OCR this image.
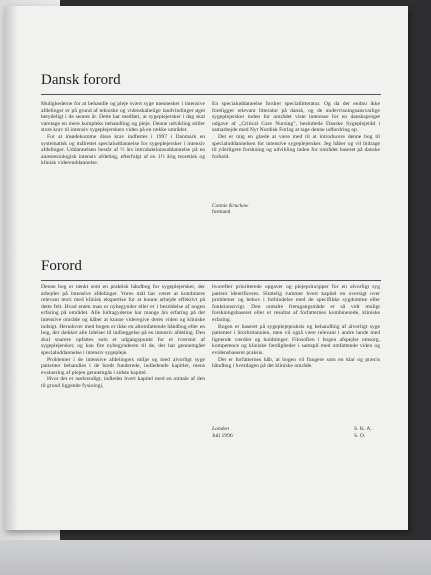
Dansk forord

Mulighederne for at behandle og pleje svært syge mennesker i intensive afdelinger er på grund af tekniske og videnskabelige landvindinger øget betydeligt i de senere år. Dette har medført, at sygeplejersker i dag skal varetage en mere kompleks behandling og pleje. Denne udvikling stiller store krav til intensiv sygeplejerskers viden på en række områder.

For at imødekomme disse krav indførtes i 1997 i Danmark en systematisk og målrettet specialuddannelse for sygeplejersker i intensiv afdelinger. Uddannelsen består af ½ års introduktionsuddannelse på en anæstesiologisk intensiv afdeling, efterfulgt af en 1½ årig teoretisk og klinisk videreuddannelse.

En specialuddannelse fordrer speciallitteratur. Og da der endnu ikke foreligger relevant litteratur på dansk, og de undervisningsansvarlige sygeplejersker inden for området viste interesse for en dansksproget udgave af „Critical Care Nursing", besluttede Danske Sygeplejeråd i samarbejde med Nyt Nordisk Forlag at tage denne udfordring op.

Det er mig en glæde at være med til at introducere denne bog til specialuddannelsen for intensive sygeplejersker. Jeg håber og vil bidrage til yderligere forskning og udvikling inden for området baseret på danske forhold.

Connie Kruckow
formand
Forord

Denne bog er tænkt som en praktisk håndbog for sygeplejersker, der arbejder på intensive afdelinger. Vores mål har været at kombinere relevant teori med klinisk ekspertise for at kunne arbejde effektivt på dette felt. Hvad enten man er nybegynder eller er i besiddelse af nogen erfaring på området. Alle bidragyderne har mange års erfaring på det intensive område og håber at kunne videregive deres viden og kliniske indsigt. Herudover med bogen er ikke en altomfattende håndbog eller en bog, der dækker alle lidelser til indlæggelse på en intensiv afdeling. Den skal snarere opfattes som et udgangspunkt for et tværsnit af sygeplejersker, og kan fire nybegynderen til de, der har gennemgået specialuddannelse i intensiv sygepleje.

Problemer i de intensive afdelingers miljø og med alvorligt syge patienter behandles i de bredt funderede, indledende kapitler, mens evaluering af plejen gennemgås i sidste kapitel.

Hvor det er nødvendigt, indledes hvert kapitel med en omtale af den til grund liggende fysiologi,

hvorefter prioriterede opgaver og plejeprincipper for en alvorligt syg patient identificeres. Sluttelig rummer hvert kapitel en oversigt over problemer og behov i forbindelse med de specifikke sygdomme eller funktionssvigt. Den omtalte fremgangsmåde er så vidt muligt forskningsbaseret eller et resultat af forfatternes kombinerede, kliniske erfaring.

Bogen er baseret på sygeplejepraksis og behandling af alvorligt syge patienter i Storbritannien, men vil også være relevant i andre lande med lignende værdier og holdninger. Filosofien i bogen afspejler omsorg, kompetence og kliniske færdigheder i samspil med omfattende viden og evidensbaseret praksis.

Det er forfatternes håb, at bogen vil fungere som en klar og præcis håndbog i hverdagen på det kliniske område.

London
Juli 1996
S. K. A.
S. O.
